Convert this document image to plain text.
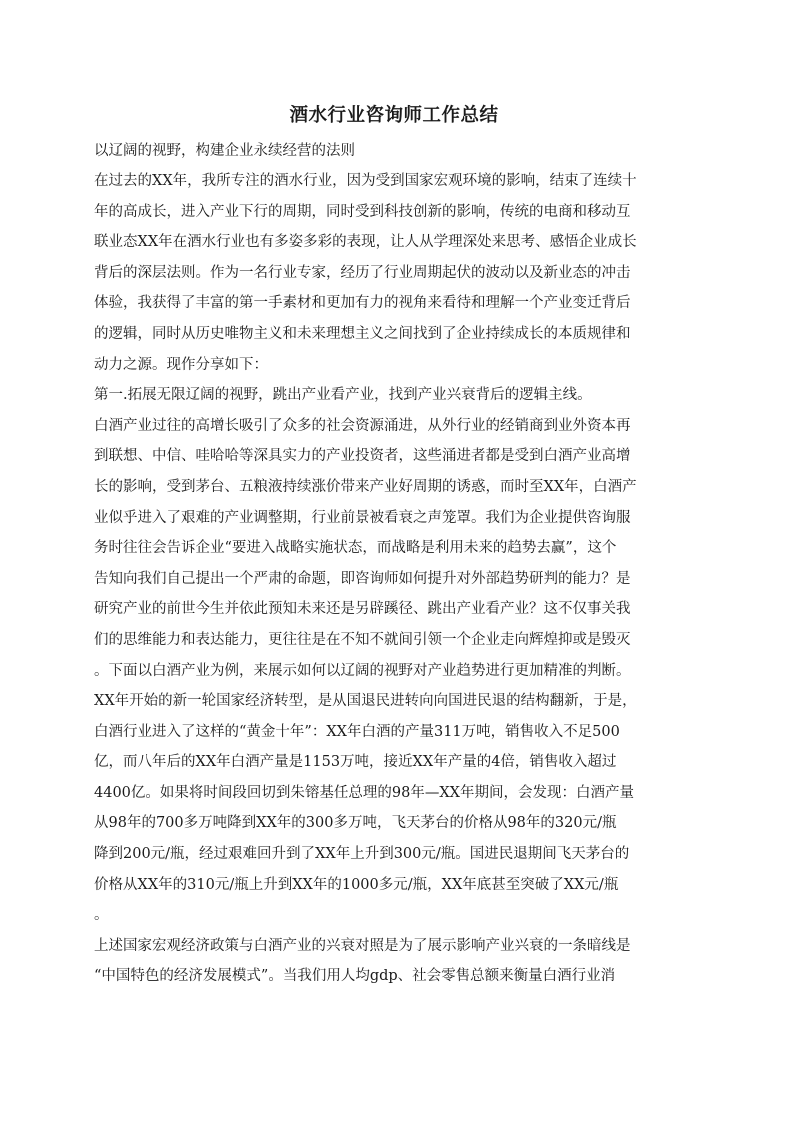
酒水行业咨询师工作总结

以辽阔的视野，构建企业永续经营的法则

在过去的XX年，我所专注的酒水行业，因为受到国家宏观环境的影响，结束了连续十
年的高成长，进入产业下行的周期，同时受到科技创新的影响，传统的电商和移动互
联业态XX年在酒水行业也有多姿多彩的表现，让人从学理深处来思考、感悟企业成长
背后的深层法则。作为一名行业专家，经历了行业周期起伏的波动以及新业态的冲击
体验，我获得了丰富的第一手素材和更加有力的视角来看待和理解一个产业变迁背后
的逻辑，同时从历史唯物主义和未来理想主义之间找到了企业持续成长的本质规律和
动力之源。现作分享如下：
第一.拓展无限辽阔的视野，跳出产业看产业，找到产业兴衰背后的逻辑主线。
白酒产业过往的高增长吸引了众多的社会资源涌进，从外行业的经销商到业外资本再
到联想、中信、哇哈哈等深具实力的产业投资者，这些涌进者都是受到白酒产业高增
长的影响，受到茅台、五粮液持续涨价带来产业好周期的诱惑，而时至XX年，白酒产
业似乎进入了艰难的产业调整期，行业前景被看衰之声笼罩。我们为企业提供咨询服
务时往往会告诉企业“要进入战略实施状态，而战略是利用未来的趋势去赢”，这个
告知向我们自己提出一个严肃的命题，即咨询师如何提升对外部趋势研判的能力？是
研究产业的前世今生并依此预知未来还是另辟蹊径、跳出产业看产业？这不仅事关我
们的思维能力和表达能力，更往往是在不知不就间引领一个企业走向辉煌抑或是毁灭
。下面以白酒产业为例，来展示如何以辽阔的视野对产业趋势进行更加精准的判断。
XX年开始的新一轮国家经济转型，是从国退民进转向向国进民退的结构翻新，于是，
白酒行业进入了这样的“黄金十年”：XX年白酒的产量311万吨，销售收入不足500
亿，而八年后的XX年白酒产量是1153万吨，接近XX年产量的4倍，销售收入超过
4400亿。如果将时间段回切到朱镕基任总理的98年—XX年期间，会发现：白酒产量
从98年的700多万吨降到XX年的300多万吨，飞天茅台的价格从98年的320元/瓶
降到200元/瓶，经过艰难回升到了XX年上升到300元/瓶。国进民退期间飞天茅台的
价格从XX年的310元/瓶上升到XX年的1000多元/瓶，XX年底甚至突破了XX元/瓶
。
上述国家宏观经济政策与白酒产业的兴衰对照是为了展示影响产业兴衰的一条暗线是
“中国特色的经济发展模式”。当我们用人均gdp、社会零售总额来衡量白酒行业消
